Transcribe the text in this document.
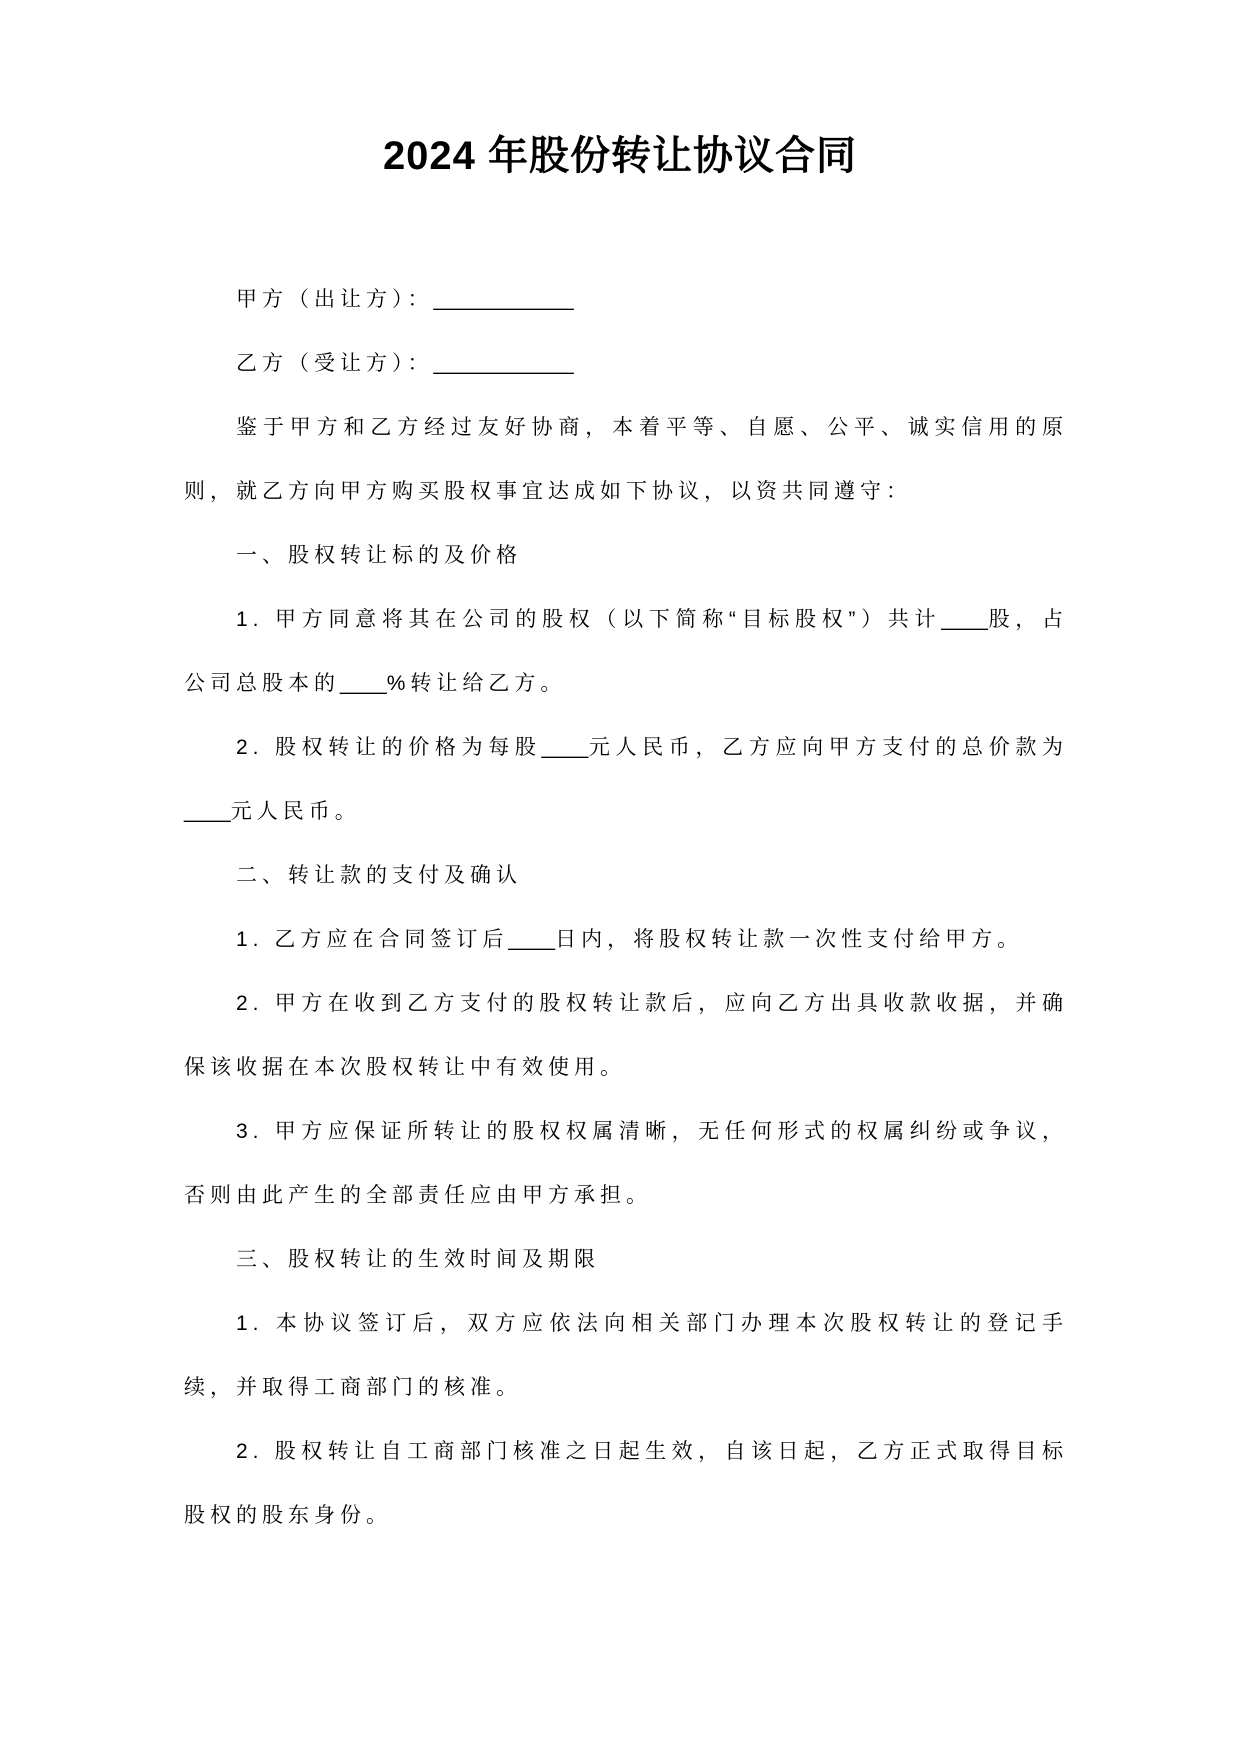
2024 年股份转让协议合同

甲方（出让方）：____________

乙方（受让方）：____________

鉴于甲方和乙方经过友好协商，本着平等、自愿、公平、诚实信用的原则，就乙方向甲方购买股权事宜达成如下协议，以资共同遵守：

一、股权转让标的及价格

1. 甲方同意将其在公司的股权（以下简称“目标股权”）共计____股，占公司总股本的____%转让给乙方。

2. 股权转让的价格为每股____元人民币，乙方应向甲方支付的总价款为____元人民币。

二、转让款的支付及确认

1. 乙方应在合同签订后____日内，将股权转让款一次性支付给甲方。

2. 甲方在收到乙方支付的股权转让款后，应向乙方出具收款收据，并确保该收据在本次股权转让中有效使用。

3. 甲方应保证所转让的股权权属清晰，无任何形式的权属纠纷或争议，否则由此产生的全部责任应由甲方承担。

三、股权转让的生效时间及期限

1. 本协议签订后，双方应依法向相关部门办理本次股权转让的登记手续，并取得工商部门的核准。

2. 股权转让自工商部门核准之日起生效，自该日起，乙方正式取得目标股权的股东身份。
